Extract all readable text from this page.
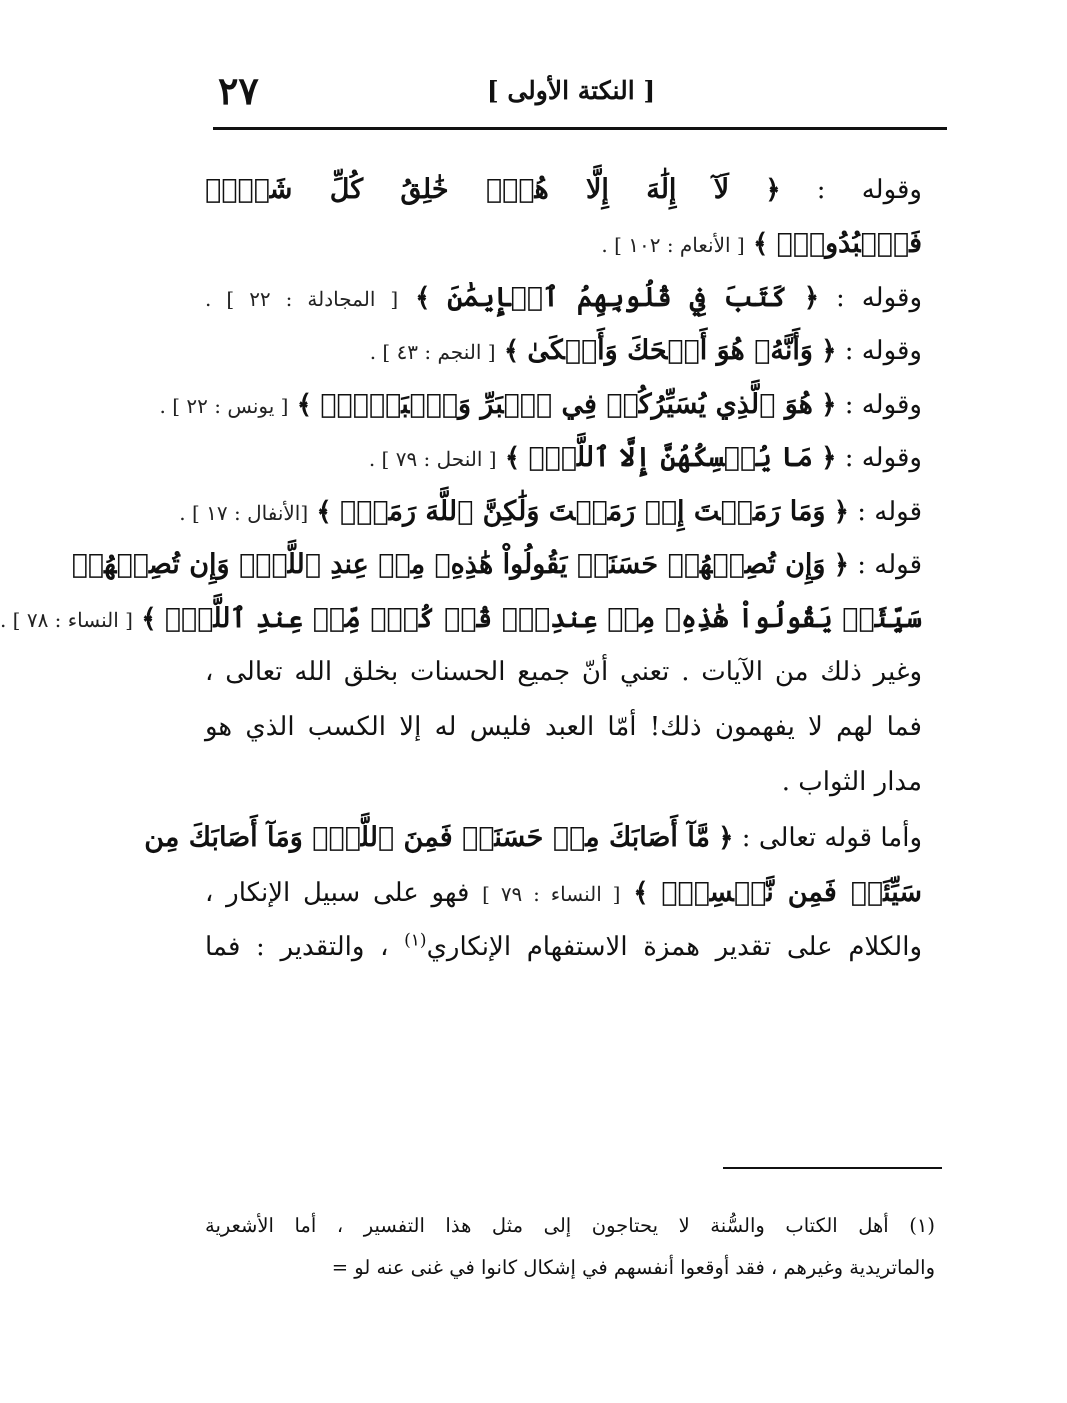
٢٧	[ النكتة الأولى ]
وقوله : ﴿ لَآ إِلَٰهَ إِلَّا هُوَۖ خَٰلِقُ كُلِّ شَيۡءٖ
فَٱعۡبُدُوهُۚ ﴾ [ الأنعام : ١٠٢ ] .
وقوله : ﴿ كَتَبَ فِي قُلُوبِهِمُ ٱلۡإِيمَٰنَ ﴾ [ المجادلة : ٢٢ ] .
وقوله : ﴿ وَأَنَّهُۥ هُوَ أَضۡحَكَ وَأَبۡكَىٰ ﴾ [ النجم : ٤٣ ] .
وقوله : ﴿ هُوَ ٱلَّذِي يُسَيِّرُكُمۡ فِي ٱلۡبَرِّ وَٱلۡبَحۡرِۖ ﴾ [ يونس : ٢٢ ] .
وقوله : ﴿ مَا يُمۡسِكُهُنَّ إِلَّا ٱللَّهُۚ ﴾ [ النحل : ٧٩ ] .
قوله : ﴿ وَمَا رَمَيۡتَ إِذۡ رَمَيۡتَ وَلَٰكِنَّ ٱللَّهَ رَمَىٰۚ ﴾ [الأنفال : ١٧ ] .
قوله : ﴿ وَإِن تُصِبۡهُمۡ حَسَنَةٞ يَقُولُواْ هَٰذِهِۦ مِنۡ عِندِ ٱللَّهِۖ وَإِن تُصِبۡهُمۡ
سَيِّئَةٞ يَقُولُواْ هَٰذِهِۦ مِنۡ عِندِكَۚ قُلۡ كُلّٞ مِّنۡ عِندِ ٱللَّهِۖ ﴾ [ النساء : ٧٨ ] .
وغير ذلك من الآيات . تعني أنّ جميع الحسنات بخلق الله تعالى ،
فما لهم لا يفهمون ذلك! أمّا العبد فليس له إلا الكسب الذي هو
مدار الثواب .
وأما قوله تعالى : ﴿ مَّآ أَصَابَكَ مِنۡ حَسَنَةٖ فَمِنَ ٱللَّهِۖ وَمَآ أَصَابَكَ مِن
سَيِّئَةٖ فَمِن نَّفۡسِكَۚ ﴾ [ النساء : ٧٩ ] فهو على سبيل الإنكار ،
والكلام على تقدير همزة الاستفهام الإنكاري$^{(١)}$ ، والتقدير : فما
(١) أهل الكتاب والسُّنة لا يحتاجون إلى مثل هذا التفسير ، أما الأشعرية
والماتريدية وغيرهم ، فقد أوقعوا أنفسهم في إشكال كانوا في غنى عنه لو =
